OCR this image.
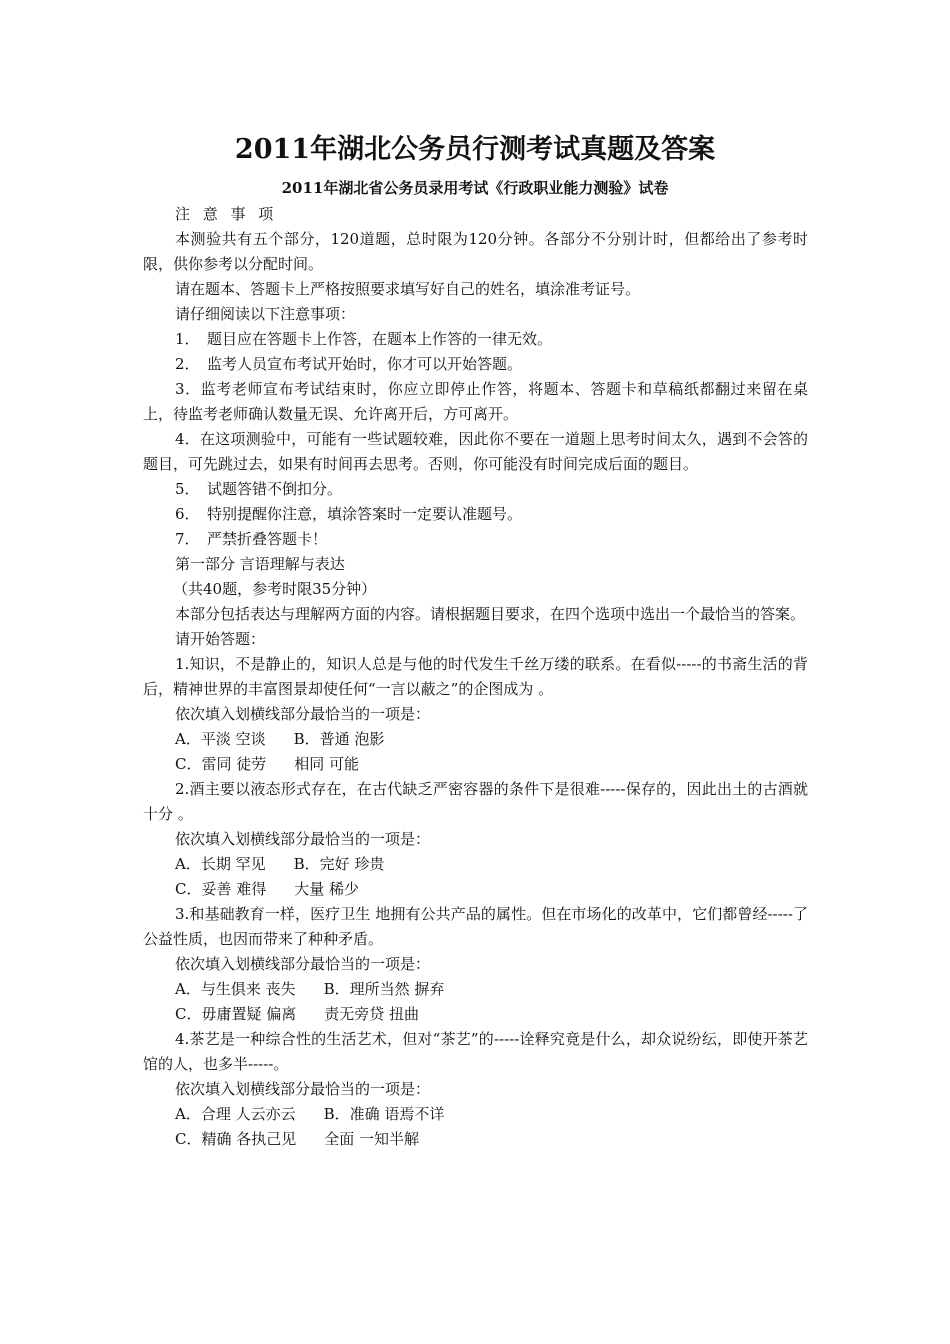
2011年湖北公务员行测考试真题及答案
2011年湖北省公务员录用考试《行政职业能力测验》试卷

注 意 事 项

本测验共有五个部分，120道题，总时限为120分钟。各部分不分别计时，但都给出了参考时限，供你参考以分配时间。

请在题本、答题卡上严格按照要求填写好自己的姓名，填涂准考证号。

请仔细阅读以下注意事项：

1．　题目应在答题卡上作答，在题本上作答的一律无效。

2．　监考人员宣布考试开始时，你才可以开始答题。

3．监考老师宣布考试结束时，你应立即停止作答，将题本、答题卡和草稿纸都翻过来留在桌上，待监考老师确认数量无误、允许离开后，方可离开。

4．在这项测验中，可能有一些试题较难，因此你不要在一道题上思考时间太久，遇到不会答的题目，可先跳过去，如果有时间再去思考。否则，你可能没有时间完成后面的题目。

5．　试题答错不倒扣分。

6．　特别提醒你注意，填涂答案时一定要认准题号。

7．　严禁折叠答题卡！

第一部分 言语理解与表达

（共40题，参考时限35分钟）

本部分包括表达与理解两方面的内容。请根据题目要求，在四个选项中选出一个最恰当的答案。

请开始答题：

1.知识，不是静止的，知识人总是与他的时代发生千丝万缕的联系。在看似-----的书斋生活的背后，精神世界的丰富图景却使任何“一言以蔽之”的企图成为 。

依次填入划横线部分最恰当的一项是：

A．平淡 空谈 B．普通 泡影

C．雷同 徒劳 相同 可能

2.酒主要以液态形式存在，在古代缺乏严密容器的条件下是很难-----保存的，因此出土的古酒就十分 。

依次填入划横线部分最恰当的一项是：

A．长期 罕见 B．完好 珍贵

C．妥善 难得 大量 稀少

3.和基础教育一样，医疗卫生 地拥有公共产品的属性。但在市场化的改革中，它们都曾经-----了公益性质，也因而带来了种种矛盾。

依次填入划横线部分最恰当的一项是：

A．与生俱来 丧失 B．理所当然 摒弃

C．毋庸置疑 偏离 责无旁贷 扭曲

4.茶艺是一种综合性的生活艺术，但对“茶艺”的-----诠释究竟是什么，却众说纷纭，即使开茶艺馆的人，也多半-----。

依次填入划横线部分最恰当的一项是：

A．合理 人云亦云 B．准确 语焉不详

C．精确 各执己见 全面 一知半解
